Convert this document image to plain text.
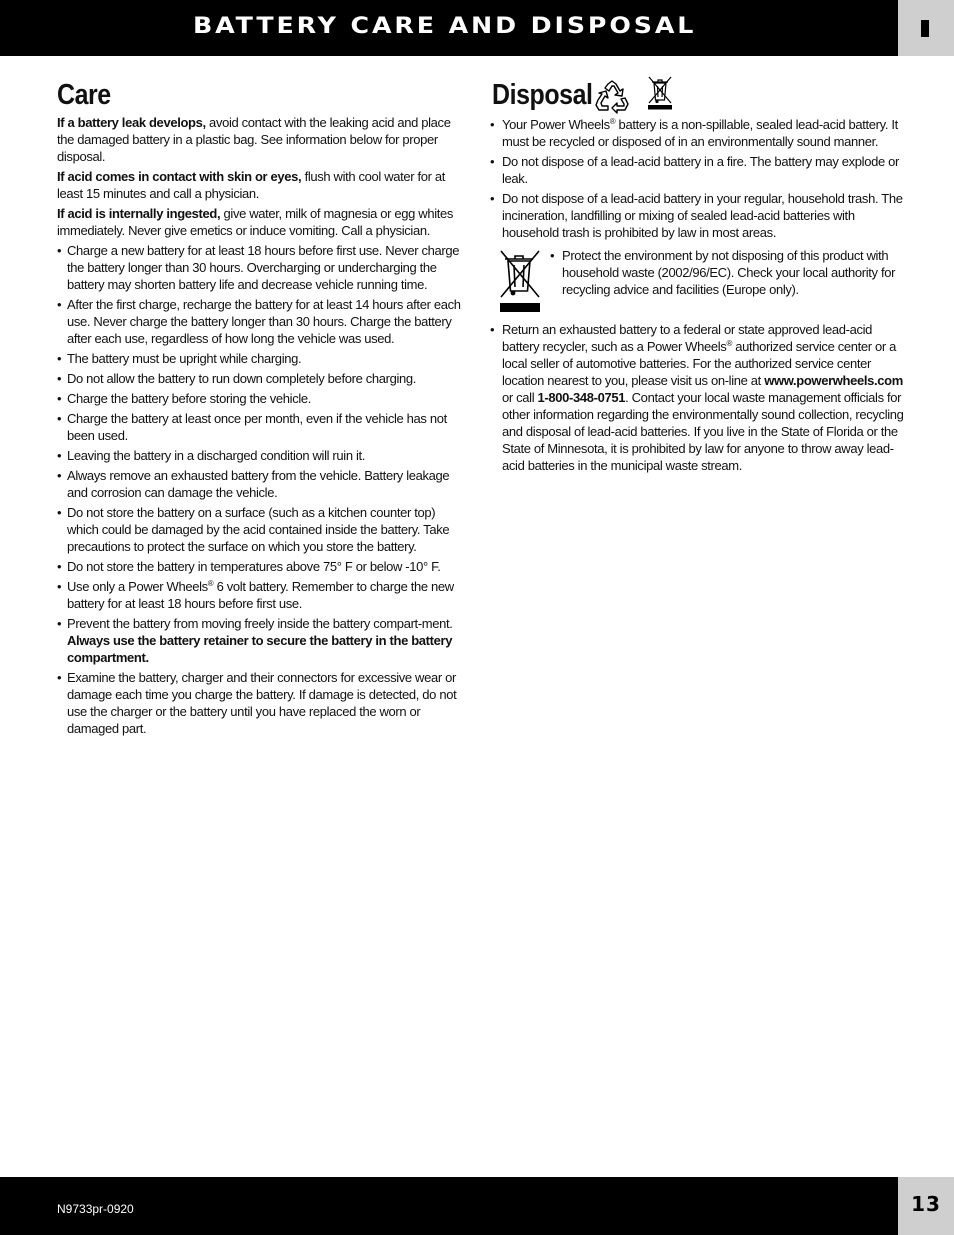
BATTERY CARE AND DISPOSAL
Care

If a battery leak develops, avoid contact with the leaking acid and place the damaged battery in a plastic bag. See information below for proper disposal.

If acid comes in contact with skin or eyes, flush with cool water for at least 15 minutes and call a physician.

If acid is internally ingested, give water, milk of magnesia or egg whites immediately. Never give emetics or induce vomiting. Call a physician.

• Charge a new battery for at least 18 hours before first use. Never charge the battery longer than 30 hours. Overcharging or undercharging the battery may shorten battery life and decrease vehicle running time.
• After the first charge, recharge the battery for at least 14 hours after each use. Never charge the battery longer than 30 hours. Charge the battery after each use, regardless of how long the vehicle was used.
• The battery must be upright while charging.
• Do not allow the battery to run down completely before charging.
• Charge the battery before storing the vehicle.
• Charge the battery at least once per month, even if the vehicle has not been used.
• Leaving the battery in a discharged condition will ruin it.
• Always remove an exhausted battery from the vehicle. Battery leakage and corrosion can damage the vehicle.
• Do not store the battery on a surface (such as a kitchen counter top) which could be damaged by the acid contained inside the battery. Take precautions to protect the surface on which you store the battery.
• Do not store the battery in temperatures above 75° F or below -10° F.
• Use only a Power Wheels® 6 volt battery. Remember to charge the new battery for at least 18 hours before first use.
• Prevent the battery from moving freely inside the battery compart-ment. Always use the battery retainer to secure the battery in the battery compartment.
• Examine the battery, charger and their connectors for excessive wear or damage each time you charge the battery. If damage is detected, do not use the charger or the battery until you have replaced the worn or damaged part.
Disposal
• Your Power Wheels® battery is a non-spillable, sealed lead-acid battery. It must be recycled or disposed of in an environmentally sound manner.
• Do not dispose of a lead-acid battery in a fire. The battery may explode or leak.
• Do not dispose of a lead-acid battery in your regular, household trash. The incineration, landfilling or mixing of sealed lead-acid batteries with household trash is prohibited by law in most areas.
• Protect the environment by not disposing of this product with household waste (2002/96/EC). Check your local authority for recycling advice and facilities (Europe only).
• Return an exhausted battery to a federal or state approved lead-acid battery recycler, such as a Power Wheels® authorized service center or a local seller of automotive batteries. For the authorized service center location nearest to you, please visit us on-line at www.powerwheels.com or call 1-800-348-0751. Contact your local waste management officials for other information regarding the environmentally sound collection, recycling and disposal of lead-acid batteries. If you live in the State of Florida or the State of Minnesota, it is prohibited by law for anyone to throw away lead-acid batteries in the municipal waste stream.
N9733pr-0920	13
